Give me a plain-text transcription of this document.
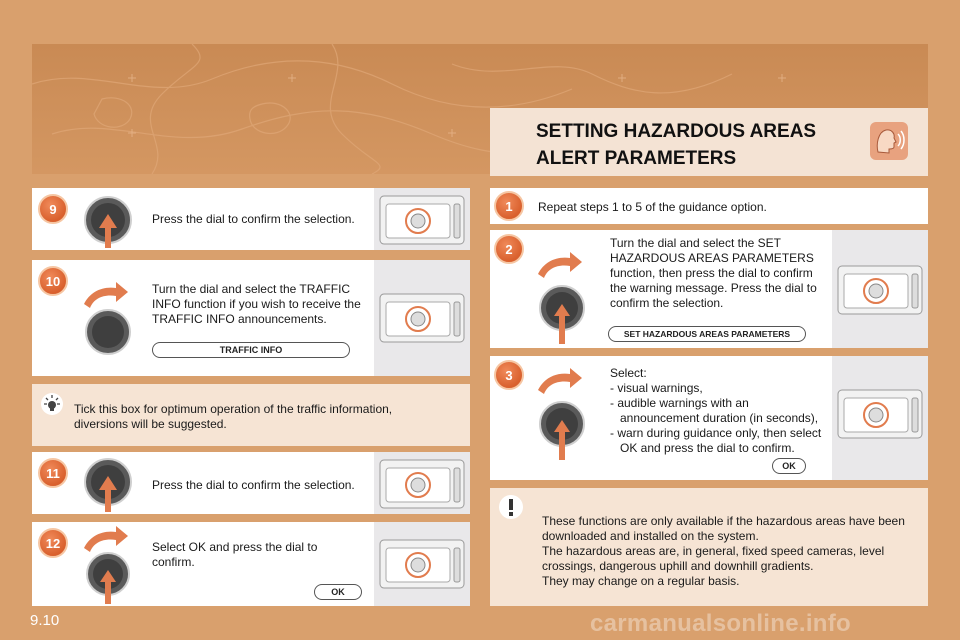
SETTING HAZARDOUS AREAS ALERT PARAMETERS
9
Press the dial to confirm the selection.
10
Turn the dial and select the TRAFFIC INFO function if you wish to receive the TRAFFIC INFO announcements.
TRAFFIC INFO
Tick this box for optimum operation of the traffic information, diversions will be suggested.
11
Press the dial to confirm the selection.
12	Select OK and press the dial to confirm.
OK
1	Repeat steps 1 to 5 of the guidance option.
2	Turn the dial and select the SET HAZARDOUS AREAS PARAMETERS function, then press the dial to confirm the warning message. Press the dial to confirm the selection.
SET HAZARDOUS AREAS PARAMETERS
3	Select:
- visual warnings,
- audible warnings with an announcement duration (in seconds),
- warn during guidance only, then select OK and press the dial to confirm.
OK
These functions are only available if the hazardous areas have been downloaded and installed on the system.
The hazardous areas are, in general, fixed speed cameras, level crossings, dangerous uphill and downhill gradients.
They may change on a regular basis.
9.10	carmanualsonline.info
